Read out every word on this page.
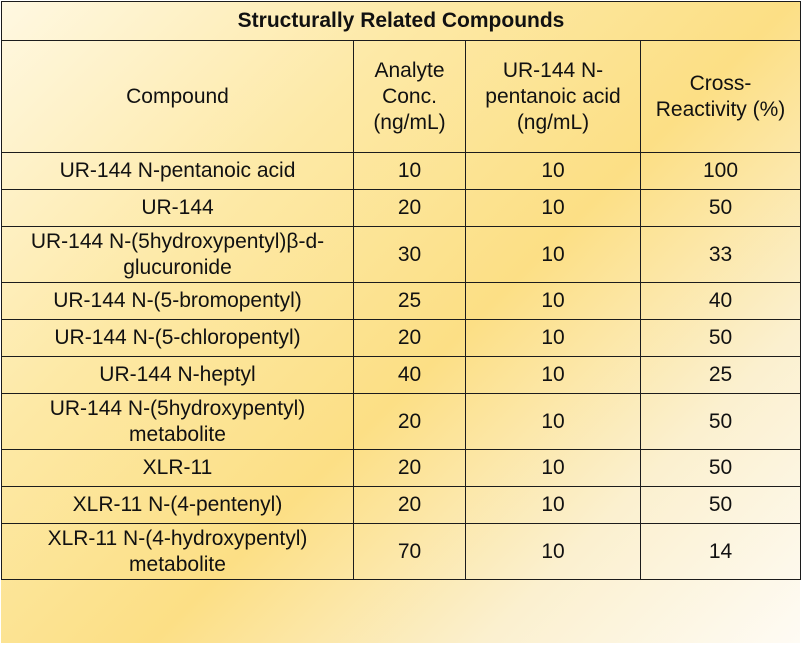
Structurally Related Compounds			
Compound	Analyte Conc. (ng/mL)	UR-144 N-pentanoic acid (ng/mL)	Cross-Reactivity (%)
UR-144 N-pentanoic acid	10	10	100
UR-144	20	10	50
UR-144 N-(5hydroxypentyl)β-d-glucuronide	30	10	33
UR-144 N-(5-bromopentyl)	25	10	40
UR-144 N-(5-chloropentyl)	20	10	50
UR-144 N-heptyl	40	10	25
UR-144 N-(5hydroxypentyl) metabolite	20	10	50
XLR-11	20	10	50
XLR-11 N-(4-pentenyl)	20	10	50
XLR-11 N-(4-hydroxypentyl) metabolite	70	10	14
